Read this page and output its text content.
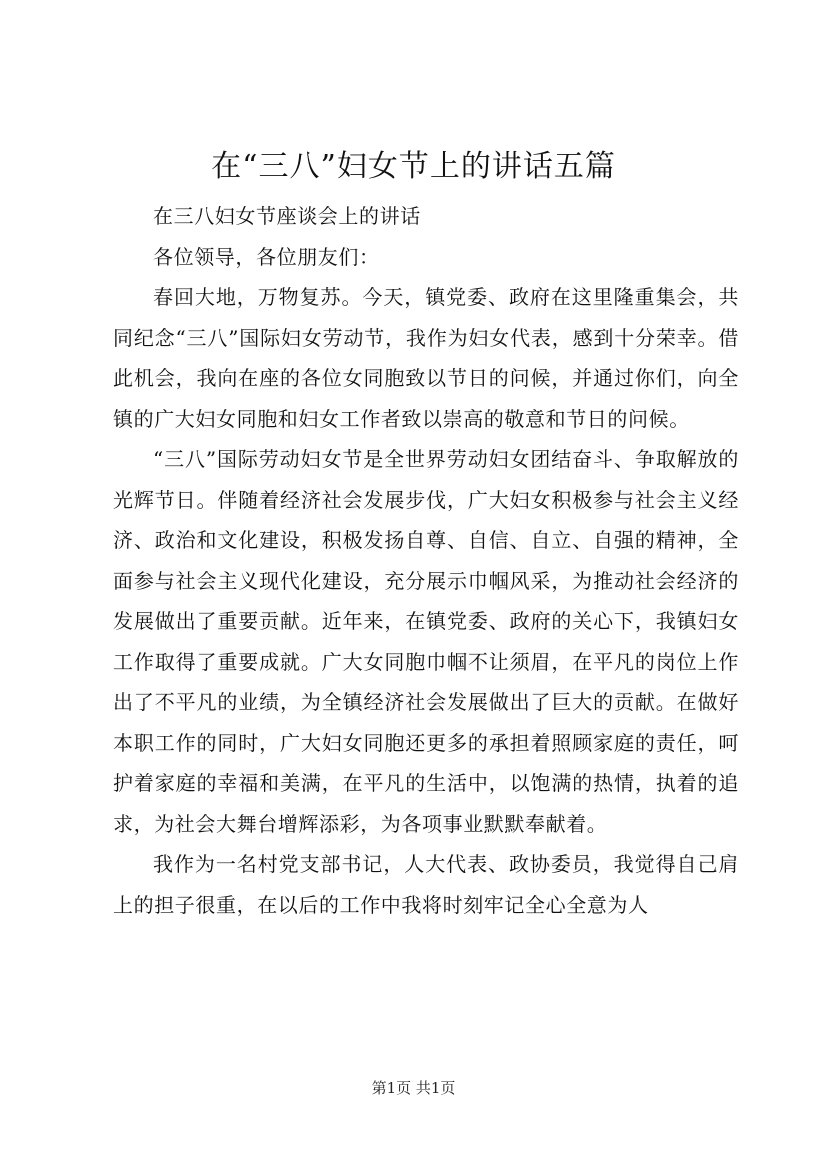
在“三八”妇女节上的讲话五篇

在三八妇女节座谈会上的讲话

各位领导，各位朋友们：

春回大地，万物复苏。今天，镇党委、政府在这里隆重集会，共同纪念“三八”国际妇女劳动节，我作为妇女代表，感到十分荣幸。借此机会，我向在座的各位女同胞致以节日的问候，并通过你们，向全镇的广大妇女同胞和妇女工作者致以崇高的敬意和节日的问候。

“三八”国际劳动妇女节是全世界劳动妇女团结奋斗、争取解放的光辉节日。伴随着经济社会发展步伐，广大妇女积极参与社会主义经济、政治和文化建设，积极发扬自尊、自信、自立、自强的精神，全面参与社会主义现代化建设，充分展示巾帼风采，为推动社会经济的发展做出了重要贡献。近年来，在镇党委、政府的关心下，我镇妇女工作取得了重要成就。广大女同胞巾帼不让须眉，在平凡的岗位上作出了不平凡的业绩，为全镇经济社会发展做出了巨大的贡献。在做好本职工作的同时，广大妇女同胞还更多的承担着照顾家庭的责任，呵护着家庭的幸福和美满，在平凡的生活中，以饱满的热情，执着的追求，为社会大舞台增辉添彩，为各项事业默默奉献着。

我作为一名村党支部书记，人大代表、政协委员，我觉得自己肩上的担子很重，在以后的工作中我将时刻牢记全心全意为人

第1页 共1页
